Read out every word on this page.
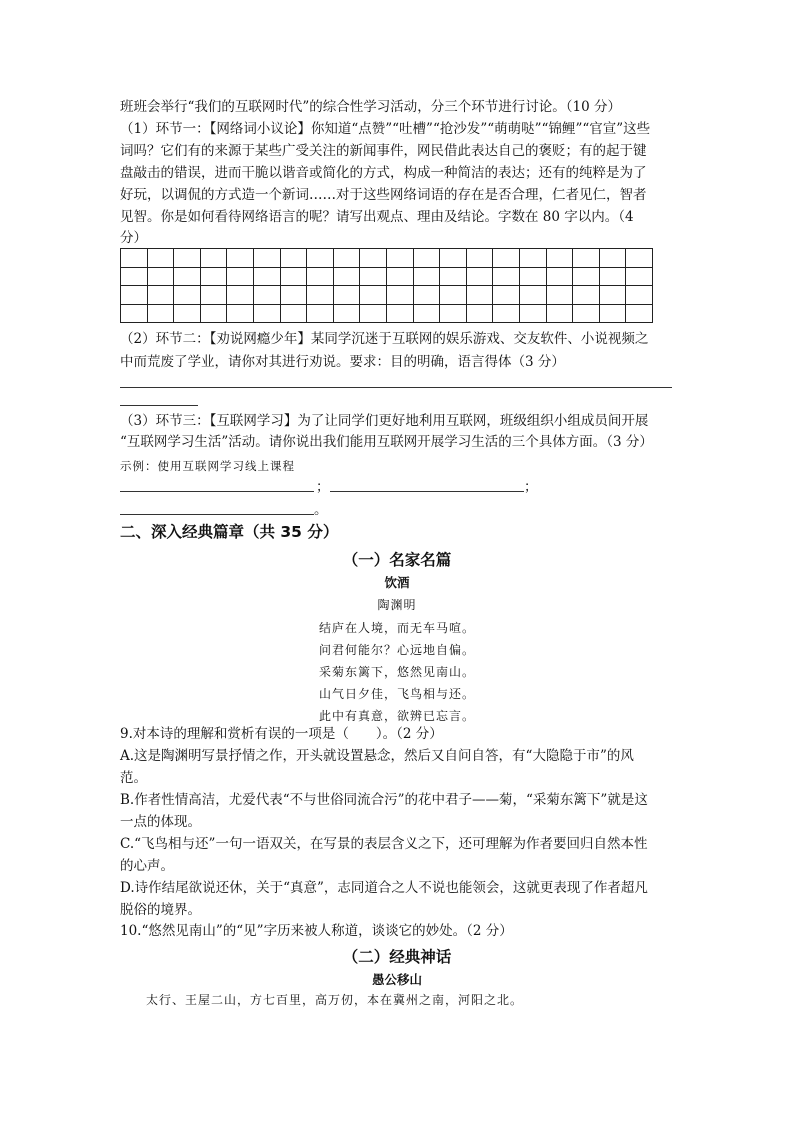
班班会举行“我们的互联网时代”的综合性学习活动，分三个环节进行讨论。（10 分）
（1）环节一：【网络词小议论】你知道“点赞”“吐槽”“抢沙发”“萌萌哒”“锦鲤”“官宣”这些
词吗？它们有的来源于某些广受关注的新闻事件，网民借此表达自己的褒贬；有的起于键
盘敲击的错误，进而干脆以谐音或简化的方式，构成一种简洁的表达；还有的纯粹是为了
好玩，以调侃的方式造一个新词……对于这些网络词语的存在是否合理，仁者见仁，智者
见智。你是如何看待网络语言的呢？请写出观点、理由及结论。字数在 80 字以内。（4
分）

（2）环节二：【劝说网瘾少年】某同学沉迷于互联网的娱乐游戏、交友软件、小说视频之
中而荒废了学业，请你对其进行劝说。要求：目的明确，语言得体（3 分）
（3）环节三：【互联网学习】为了让同学们更好地利用互联网，班级组织小组成员间开展
“互联网学习生活”活动。请你说出我们能用互联网开展学习生活的三个具体方面。（3 分）
示例：使用互联网学习线上课程
；	；
。
二、深入经典篇章（共 35 分）
（一）名家名篇
饮酒
陶渊明
结庐在人境，而无车马喧。
问君何能尔？心远地自偏。
采菊东篱下，悠然见南山。
山气日夕佳，飞鸟相与还。
此中有真意，欲辨已忘言。
9.对本诗的理解和赏析有误的一项是（　　）。（2 分）
A.这是陶渊明写景抒情之作，开头就设置悬念，然后又自问自答，有“大隐隐于市”的风
范。
B.作者性情高洁，尤爱代表“不与世俗同流合污”的花中君子——菊，“采菊东篱下”就是这
一点的体现。
C.“飞鸟相与还”一句一语双关，在写景的表层含义之下，还可理解为作者要回归自然本性
的心声。
D.诗作结尾欲说还休，关于“真意”，志同道合之人不说也能领会，这就更表现了作者超凡
脱俗的境界。
10.“悠然见南山”的“见”字历来被人称道，谈谈它的妙处。（2 分）
（二）经典神话
愚公移山
太行、王屋二山，方七百里，高万仞，本在冀州之南，河阳之北。
